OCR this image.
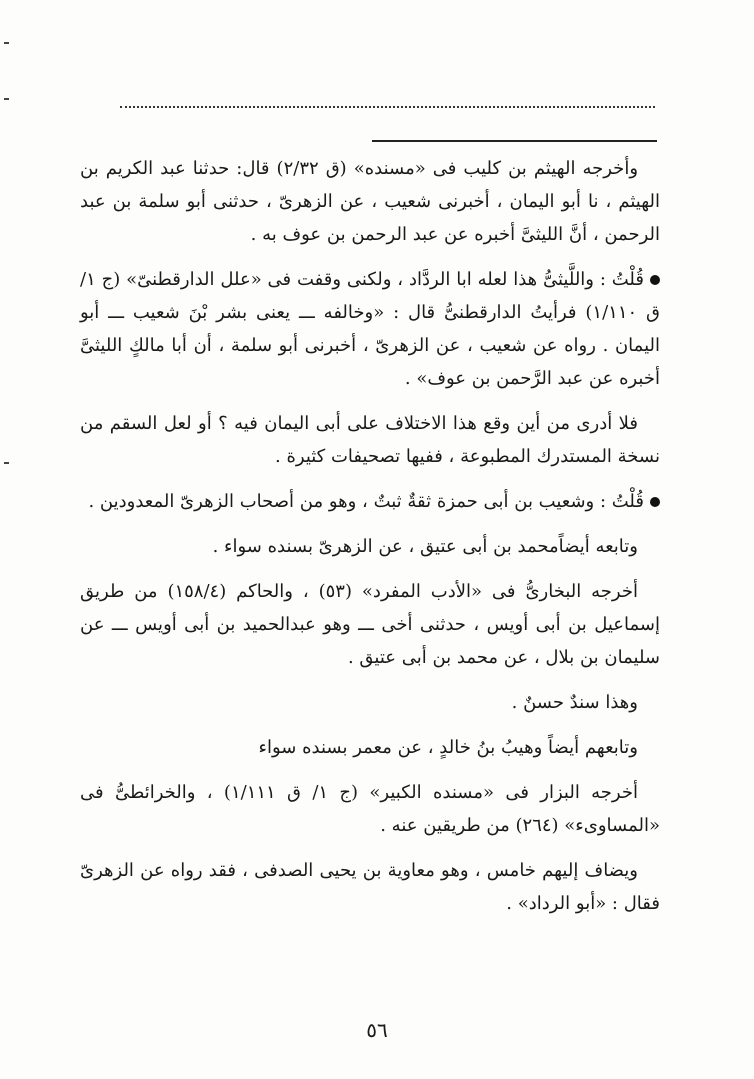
وأخرجه الهيثم بن كليب فى «مسنده» (ق ٢/٣٢) قال: حدثنا عبد الكريم بن الهيثم ، نا أبو اليمان ، أخبرنى شعيب ، عن الزهرىّ ، حدثنى أبو سلمة بن عبد الرحمن ، أنَّ الليثىَّ أخبره عن عبد الرحمن بن عوف به .

قُلْتُ : واللَّيثىُّ هذا لعله ابا الردَّاد ، ولكنى وقفت فى «علل الدارقطنىّ» (ج ١/ ق ١/١١٠) فرأيتُ الدارقطنىُّ قال : «وخالفه ـــ يعنى بشر بْنَ شعيب ـــ أبو اليمان . رواه عن شعيب ، عن الزهرىّ ، أخبرنى أبو سلمة ، أن أبا مالكٍ الليثىَّ أخبره عن عبد الرَّحمن بن عوف» .

فلا أدرى من أين وقع هذا الاختلاف على أبى اليمان فيه ؟ أو لعل السقم من نسخة المستدرك المطبوعة ، ففيها تصحيفات كثيرة .

قُلْتُ : وشعيب بن أبى حمزة ثقةٌ ثبتٌ ، وهو من أصحاب الزهرىّ المعدودين .

وتابعه أيضاًمحمد بن أبى عتيق ، عن الزهرىّ بسنده سواء .

أخرجه البخارىُّ فى «الأدب المفرد» (٥٣) ، والحاكم (١٥٨/٤) من طريق إسماعيل بن أبى أويس ، حدثنى أخى ـــ وهو عبدالحميد بن أبى أويس ـــ عن سليمان بن بلال ، عن محمد بن أبى عتيق .

وهذا سندٌ حسنٌ .

وتابعهم أيضاً وهيبُ بنُ خالدٍ ، عن معمر بسنده سواء

أخرجه البزار فى «مسنده الكبير» (ج ١/ ق ١/١١١) ، والخرائطىُّ فى «المساوىء» (٢٦٤) من طريقين عنه .

ويضاف إليهم خامس ، وهو معاوية بن يحيى الصدفى ، فقد رواه عن الزهرىّ فقال : «أبو الرداد» .

٥٦
